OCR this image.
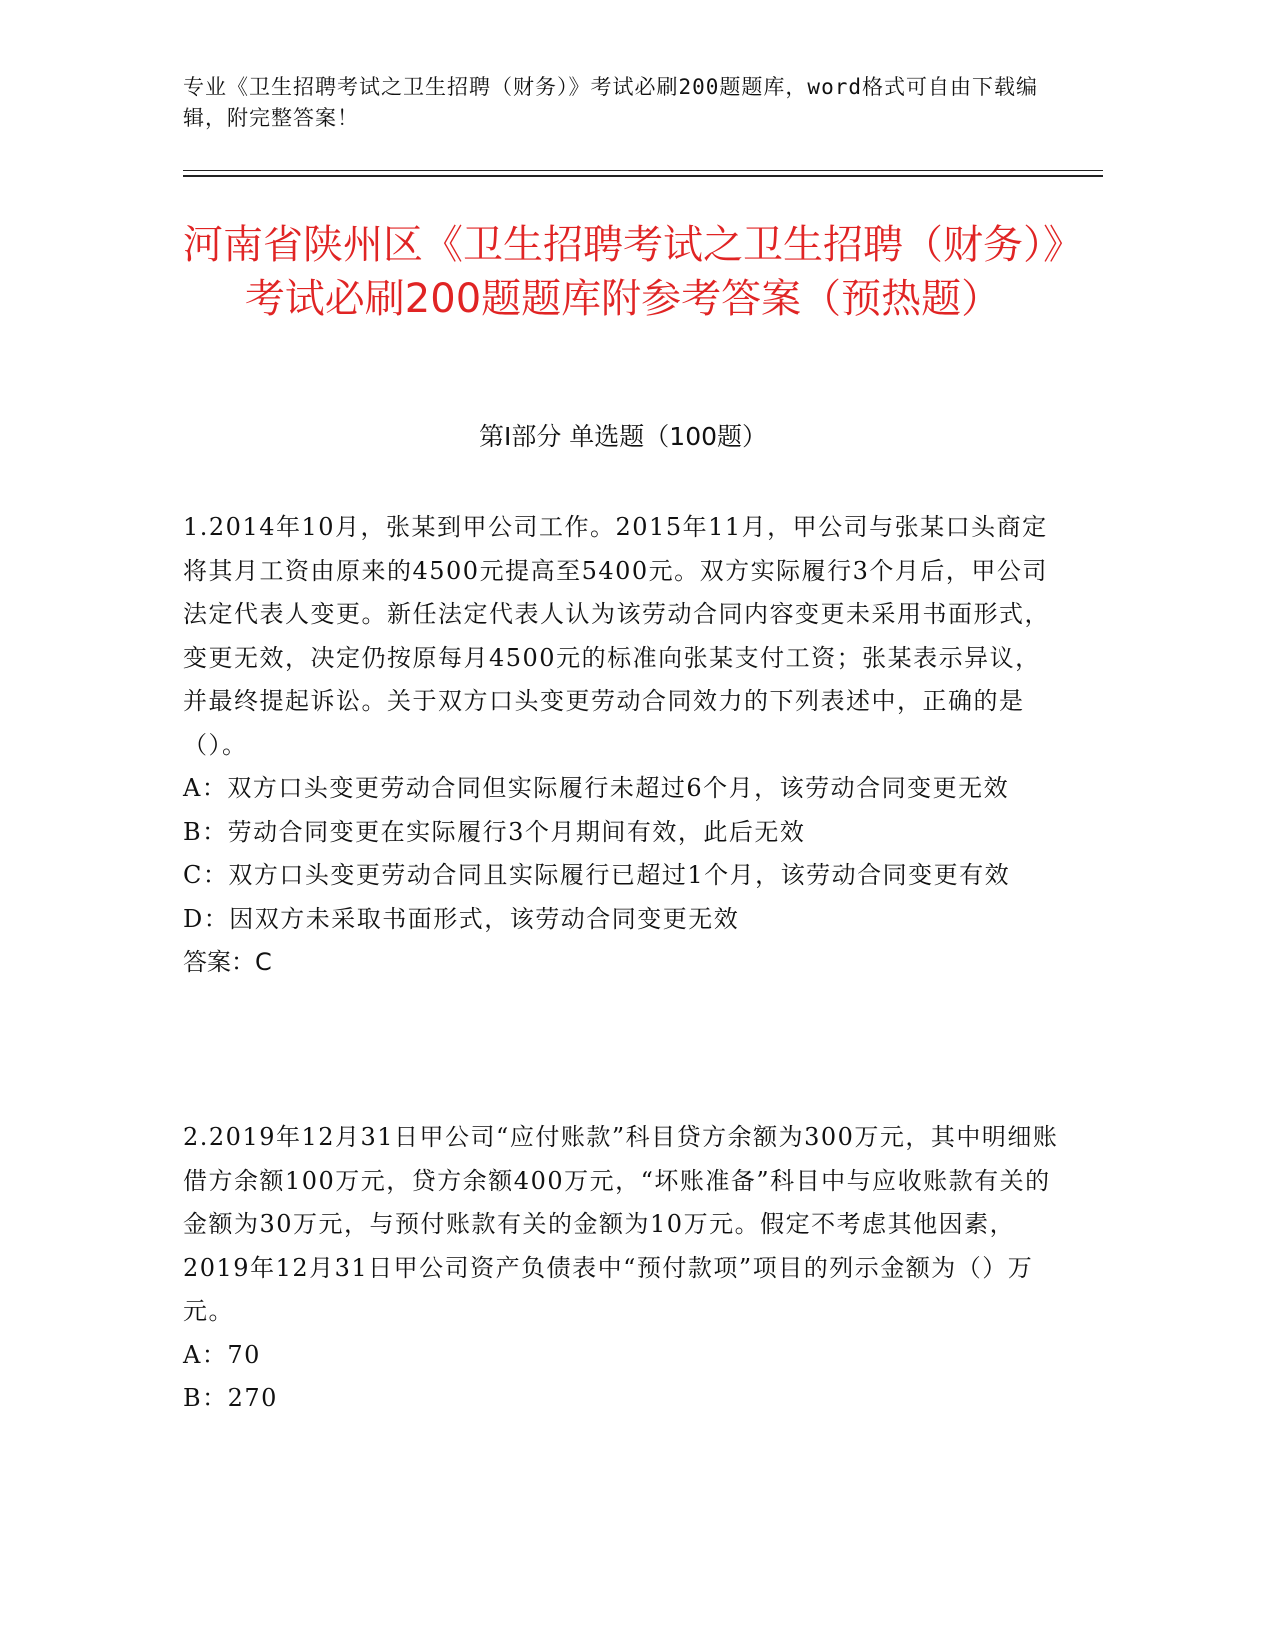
专业《卫生招聘考试之卫生招聘（财务）》考试必刷200题题库，word格式可自由下载编辑，附完整答案！
河南省陕州区《卫生招聘考试之卫生招聘（财务）》考试必刷200题题库附参考答案（预热题）
第Ⅰ部分 单选题（100题）
1.2014年10月，张某到甲公司工作。2015年11月，甲公司与张某口头商定将其月工资由原来的4500元提高至5400元。双方实际履行3个月后，甲公司法定代表人变更。新任法定代表人认为该劳动合同内容变更未采用书面形式，变更无效，决定仍按原每月4500元的标准向张某支付工资；张某表示异议，并最终提起诉讼。关于双方口头变更劳动合同效力的下列表述中，正确的是（）。
A：双方口头变更劳动合同但实际履行未超过6个月，该劳动合同变更无效
B：劳动合同变更在实际履行3个月期间有效，此后无效
C：双方口头变更劳动合同且实际履行已超过1个月，该劳动合同变更有效
D：因双方未采取书面形式，该劳动合同变更无效
答案：C
2.2019年12月31日甲公司“应付账款”科目贷方余额为300万元，其中明细账借方余额100万元，贷方余额400万元，“坏账准备”科目中与应收账款有关的金额为30万元，与预付账款有关的金额为10万元。假定不考虑其他因素，2019年12月31日甲公司资产负债表中“预付款项”项目的列示金额为（）万元。
A：70
B：270
